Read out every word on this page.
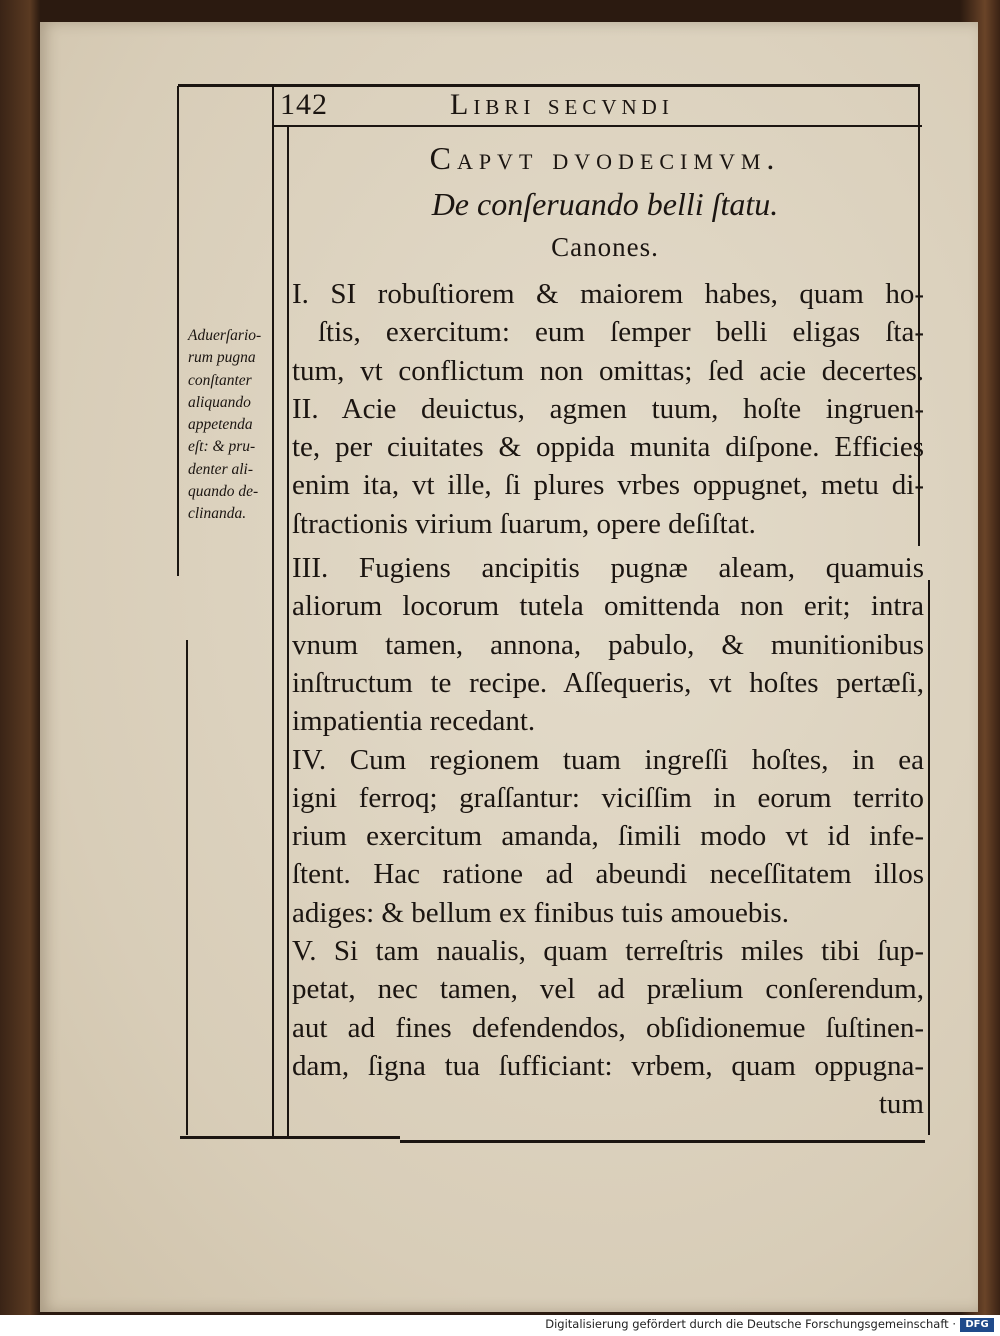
142	Libri secvndi
Capvt dvodecimvm.
De conſeruando belli ſtatu.
Canones.
Aduerſario-
rum pugna
conſtanter
aliquando
appetenda
eſt: & pru-
denter ali-
quando de-
clinanda.
I. SI robuſtiorem & maiorem habes, quam ho-
ſtis, exercitum: eum ſemper belli eligas ſta-
tum, vt conflictum non omittas; ſed acie decertes.
II. Acie deuictus, agmen tuum, hoſte ingruen-
te, per ciuitates & oppida munita diſpone. Efficies
enim ita, vt ille, ſi plures vrbes oppugnet, metu di-
ſtractionis virium ſuarum, opere deſiſtat.
III. Fugiens ancipitis pugnæ aleam, quamuis
aliorum locorum tutela omittenda non erit; intra
vnum tamen, annona, pabulo, & munitionibus
inſtructum te recipe. Aſſequeris, vt hoſtes pertæſi,
impatientia recedant.
IV. Cum regionem tuam ingreſſi hoſtes, in ea
igni ferroq; graſſantur: viciſſim in eorum territo
rium exercitum amanda, ſimili modo vt id infe-
ſtent. Hac ratione ad abeundi neceſſitatem illos
adiges: & bellum ex finibus tuis amouebis.
V. Si tam naualis, quam terreſtris miles tibi ſup-
petat, nec tamen, vel ad prælium conſerendum,
aut ad fines defendendos, obſidionemue ſuſtinen-
dam, ſigna tua ſufficiant: vrbem, quam oppugna-
tum
Digitalisierung gefördert durch die Deutsche Forschungsgemeinschaft · DFG
